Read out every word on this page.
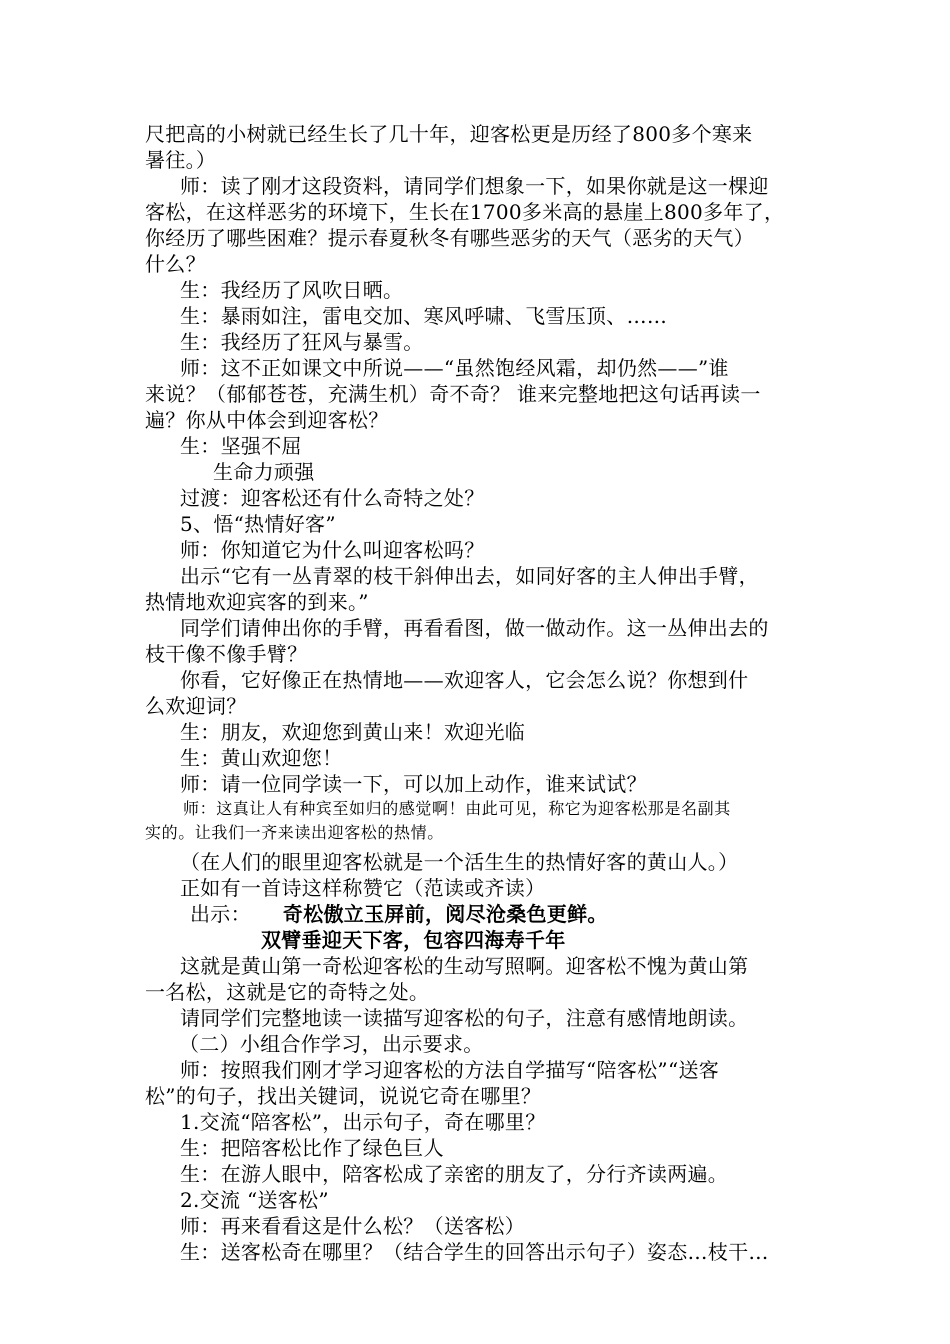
尺把高的小树就已经生长了几十年，迎客松更是历经了800多个寒来
暑往。）
师：读了刚才这段资料，请同学们想象一下，如果你就是这一棵迎
客松，在这样恶劣的环境下，生长在1700多米高的悬崖上800多年了，
你经历了哪些困难？提示春夏秋冬有哪些恶劣的天气（恶劣的天气）
什么？
生：我经历了风吹日晒。
生：暴雨如注，雷电交加、寒风呼啸、飞雪压顶、……
生：我经历了狂风与暴雪。
师：这不正如课文中所说——“虽然饱经风霜，却仍然——”谁
来说？（郁郁苍苍，充满生机）奇不奇？ 谁来完整地把这句话再读一
遍？你从中体会到迎客松？
生：坚强不屈
生命力顽强
过渡：迎客松还有什么奇特之处？
5、悟“热情好客”
师：你知道它为什么叫迎客松吗？
出示“它有一丛青翠的枝干斜伸出去，如同好客的主人伸出手臂，
热情地欢迎宾客的到来。”
同学们请伸出你的手臂，再看看图，做一做动作。这一丛伸出去的
枝干像不像手臂？
你看，它好像正在热情地——欢迎客人，它会怎么说？你想到什
么欢迎词？
生：朋友，欢迎您到黄山来！欢迎光临
生：黄山欢迎您！
师：请一位同学读一下，可以加上动作，谁来试试？
师：这真让人有种宾至如归的感觉啊！由此可见，称它为迎客松那是名副其
实的。让我们一齐来读出迎客松的热情。
（在人们的眼里迎客松就是一个活生生的热情好客的黄山人。）
正如有一首诗这样称赞它（范读或齐读）
出示： 奇松傲立玉屏前，阅尽沧桑色更鲜。
双臂垂迎天下客，包容四海寿千年
这就是黄山第一奇松迎客松的生动写照啊。迎客松不愧为黄山第
一名松，这就是它的奇特之处。
请同学们完整地读一读描写迎客松的句子，注意有感情地朗读。
（二）小组合作学习，出示要求。
师：按照我们刚才学习迎客松的方法自学描写“陪客松”“送客
松”的句子，找出关键词，说说它奇在哪里？
1.交流“陪客松”，出示句子，奇在哪里？
生：把陪客松比作了绿色巨人
生：在游人眼中，陪客松成了亲密的朋友了，分行齐读两遍。
2.交流 “送客松”
师：再来看看这是什么松？（送客松）
生：送客松奇在哪里？（结合学生的回答出示句子）姿态…枝干…
